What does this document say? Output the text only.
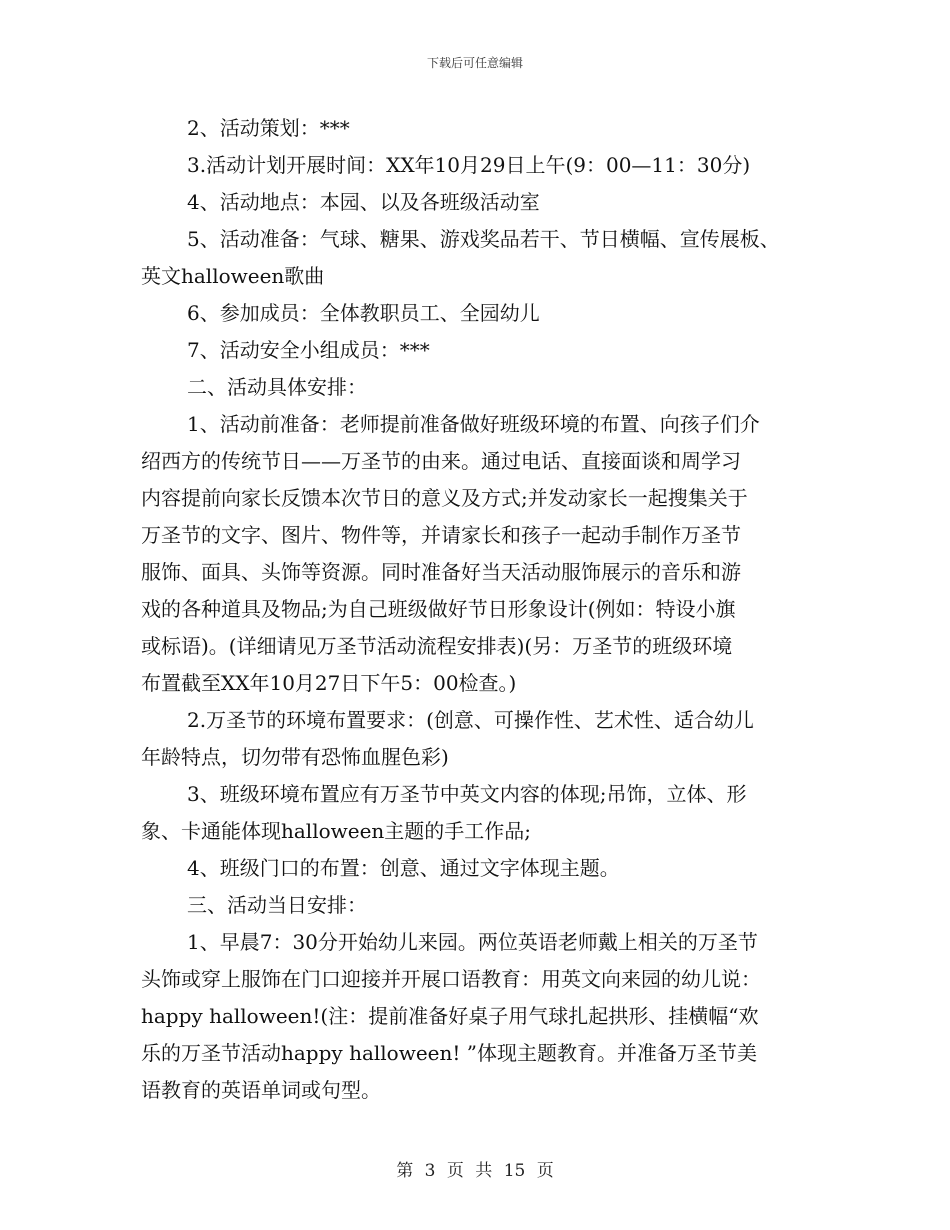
下载后可任意编辑

2、活动策划：***

3.活动计划开展时间：XX年10月29日上午(9：00—11：30分)

4、活动地点：本园、以及各班级活动室

5、活动准备：气球、糖果、游戏奖品若干、节日横幅、宣传展板、

英文halloween歌曲

6、参加成员：全体教职员工、全园幼儿

7、活动安全小组成员：***

二、活动具体安排：

1、活动前准备：老师提前准备做好班级环境的布置、向孩子们介

绍西方的传统节日——万圣节的由来。通过电话、直接面谈和周学习

内容提前向家长反馈本次节日的意义及方式;并发动家长一起搜集关于

万圣节的文字、图片、物件等，并请家长和孩子一起动手制作万圣节

服饰、面具、头饰等资源。同时准备好当天活动服饰展示的音乐和游

戏的各种道具及物品;为自己班级做好节日形象设计(例如：特设小旗

或标语)。(详细请见万圣节活动流程安排表)(另：万圣节的班级环境

布置截至XX年10月27日下午5：00检查。)

2.万圣节的环境布置要求：(创意、可操作性、艺术性、适合幼儿

年龄特点，切勿带有恐怖血腥色彩)

3、班级环境布置应有万圣节中英文内容的体现;吊饰，立体、形

象、卡通能体现halloween主题的手工作品;

4、班级门口的布置：创意、通过文字体现主题。

三、活动当日安排：

1、早晨7：30分开始幼儿来园。两位英语老师戴上相关的万圣节

头饰或穿上服饰在门口迎接并开展口语教育：用英文向来园的幼儿说：

happy halloween!(注：提前准备好桌子用气球扎起拱形、挂横幅“欢

乐的万圣节活动happy halloween! ”体现主题教育。并准备万圣节美

语教育的英语单词或句型。

第 3 页 共 15 页
